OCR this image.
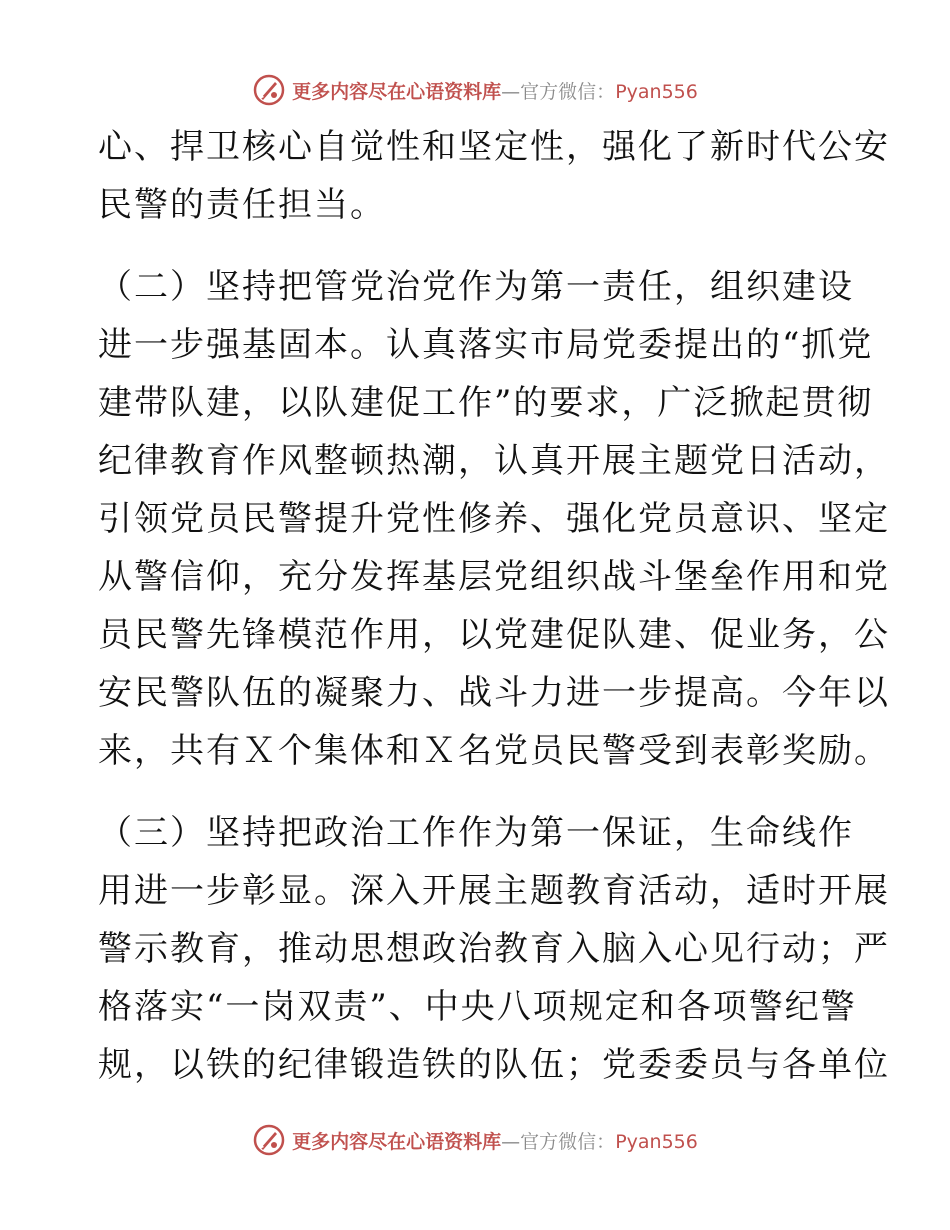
更多内容尽在心语资料库—官方微信：Pyan556
心、捍卫核心自觉性和坚定性，强化了新时代公安
民警的责任担当。
（二）坚持把管党治党作为第一责任，组织建设
进一步强基固本。认真落实市局党委提出的“抓党
建带队建，以队建促工作”的要求，广泛掀起贯彻
纪律教育作风整顿热潮，认真开展主题党日活动，
引领党员民警提升党性修养、强化党员意识、坚定
从警信仰，充分发挥基层党组织战斗堡垒作用和党
员民警先锋模范作用，以党建促队建、促业务，公
安民警队伍的凝聚力、战斗力进一步提高。今年以
来，共有Ｘ个集体和Ｘ名党员民警受到表彰奖励。
（三）坚持把政治工作作为第一保证，生命线作
用进一步彰显。深入开展主题教育活动，适时开展
警示教育，推动思想政治教育入脑入心见行动；严
格落实“一岗双责”、中央八项规定和各项警纪警
规，以铁的纪律锻造铁的队伍；党委委员与各单位
更多内容尽在心语资料库—官方微信：Pyan556
